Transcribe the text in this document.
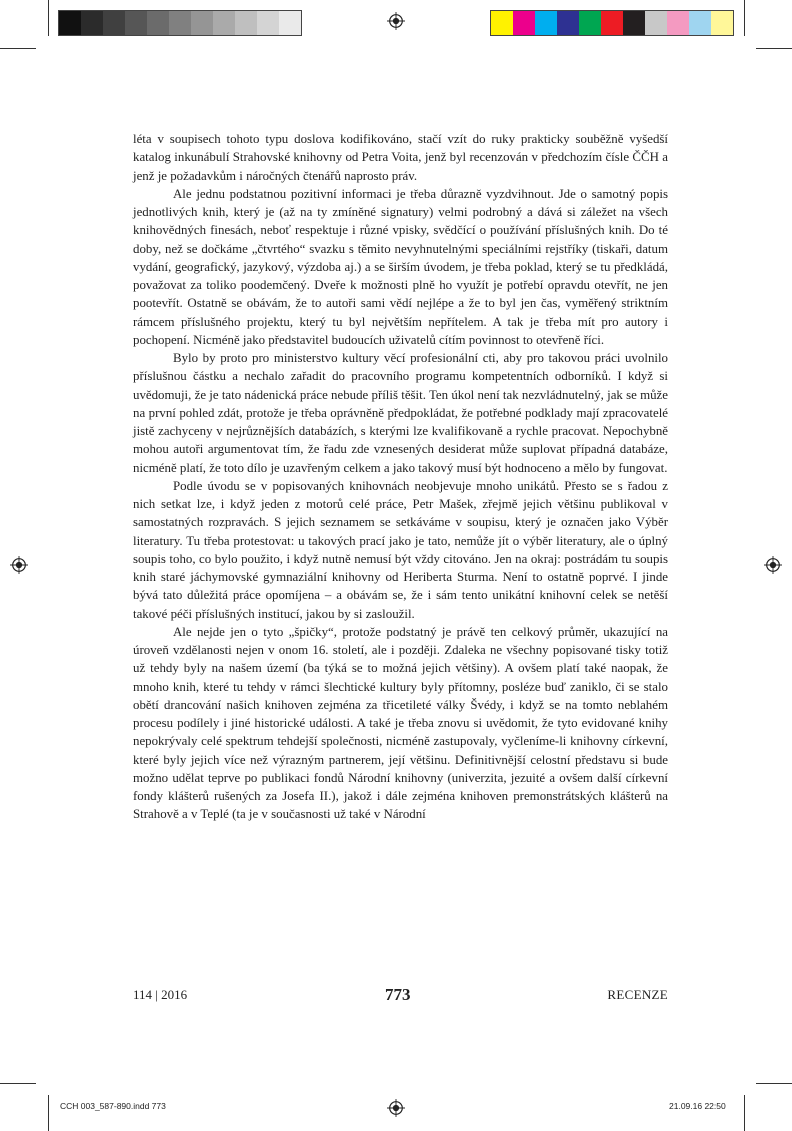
léta v soupisech tohoto typu doslova kodifikováno, stačí vzít do ruky prakticky souběžně vyšedší katalog inkunábulí Strahovské knihovny od Petra Voita, jenž byl recenzován v předchozím čísle ČČH a jenž je požadavkům i náročných čtenářů naprosto práv.

Ale jednu podstatnou pozitivní informaci je třeba důrazně vyzdvihnout. Jde o samotný popis jednotlivých knih, který je (až na ty zmíněné signatury) velmi podrobný a dává si záležet na všech knihovědných finesách, neboť respektuje i různé vpisky, svědčící o používání příslušných knih. Do té doby, než se dočkáme „čtvrtého“ svazku s těmito nevyhnutelnými speciálními rejstříky (tiskaři, datum vydání, geografický, jazykový, výzdoba aj.) a se širším úvodem, je třeba poklad, který se tu předkládá, považovat za toliko poodemčený. Dveře k možnosti plně ho využít je potřebí opravdu otevřít, ne jen pootevřít. Ostatně se obávám, že to autoři sami vědí nejlépe a že to byl jen čas, vyměřený striktním rámcem příslušného projektu, který tu byl největším nepřítelem. A tak je třeba mít pro autory i pochopení. Nicméně jako představitel budoucích uživatelů cítím povinnost to otevřeně říci.

Bylo by proto pro ministerstvo kultury věcí profesionální cti, aby pro takovou práci uvolnilo příslušnou částku a nechalo zařadit do pracovního programu kompetentních odborníků. I když si uvědomuji, že je tato nádenická práce nebude příliš těšit. Ten úkol není tak nezvládnutelný, jak se může na první pohled zdát, protože je třeba oprávněně předpokládat, že potřebné podklady mají zpracovatelé jistě zachyceny v nejrůznějších databázích, s kterými lze kvalifikovaně a rychle pracovat. Nepochybně mohou autoři argumentovat tím, že řadu zde vznesených desiderat může suplovat případná databáze, nicméně platí, že toto dílo je uzavřeným celkem a jako takový musí být hodnoceno a mělo by fungovat.

Podle úvodu se v popisovaných knihovnách neobjevuje mnoho unikátů. Přesto se s řadou z nich setkat lze, i když jeden z motorů celé práce, Petr Mašek, zřejmě jejich většinu publikoval v samostatných rozpravách. S jejich seznamem se setkáváme v soupisu, který je označen jako Výběr literatury. Tu třeba protestovat: u takových prací jako je tato, nemůže jít o výběr literatury, ale o úplný soupis toho, co bylo použito, i když nutně nemusí být vždy citováno. Jen na okraj: postrádám tu soupis knih staré jáchymovské gymnaziální knihovny od Heriberta Sturma. Není to ostatně poprvé. I jinde bývá tato důležitá práce opomíjena – a obávám se, že i sám tento unikátní knihovní celek se netěší takové péči příslušných institucí, jakou by si zasloužil.

Ale nejde jen o tyto „špičky“, protože podstatný je právě ten celkový průměr, ukazující na úroveň vzdělanosti nejen v onom 16. století, ale i později. Zdaleka ne všechny popisované tisky totiž už tehdy byly na našem území (ba týká se to možná jejich většiny). A ovšem platí také naopak, že mnoho knih, které tu tehdy v rámci šlechtické kultury byly přítomny, posléze buď zaniklo, či se stalo obětí drancování našich knihoven zejména za třicetileté války Švédy, i když se na tomto neblahém procesu podílely i jiné historické události. A také je třeba znovu si uvědomit, že tyto evidované knihy nepokrývaly celé spektrum tehdejší společnosti, nicméně zastupovaly, vyčleníme-li knihovny církevní, které byly jejich více než výrazným partnerem, její většinu. Definitivnější celostní představu si bude možno udělat teprve po publikaci fondů Národní knihovny (univerzita, jezuité a ovšem další církevní fondy klášterů rušených za Josefa II.), jakož i dále zejména knihoven premonstrátských klášterů na Strahově a v Teplé (ta je v současnosti už také v Národní

114 | 2016	773	RECENZE
CCH 003_587-890.indd 773	21.09.16 22:50
